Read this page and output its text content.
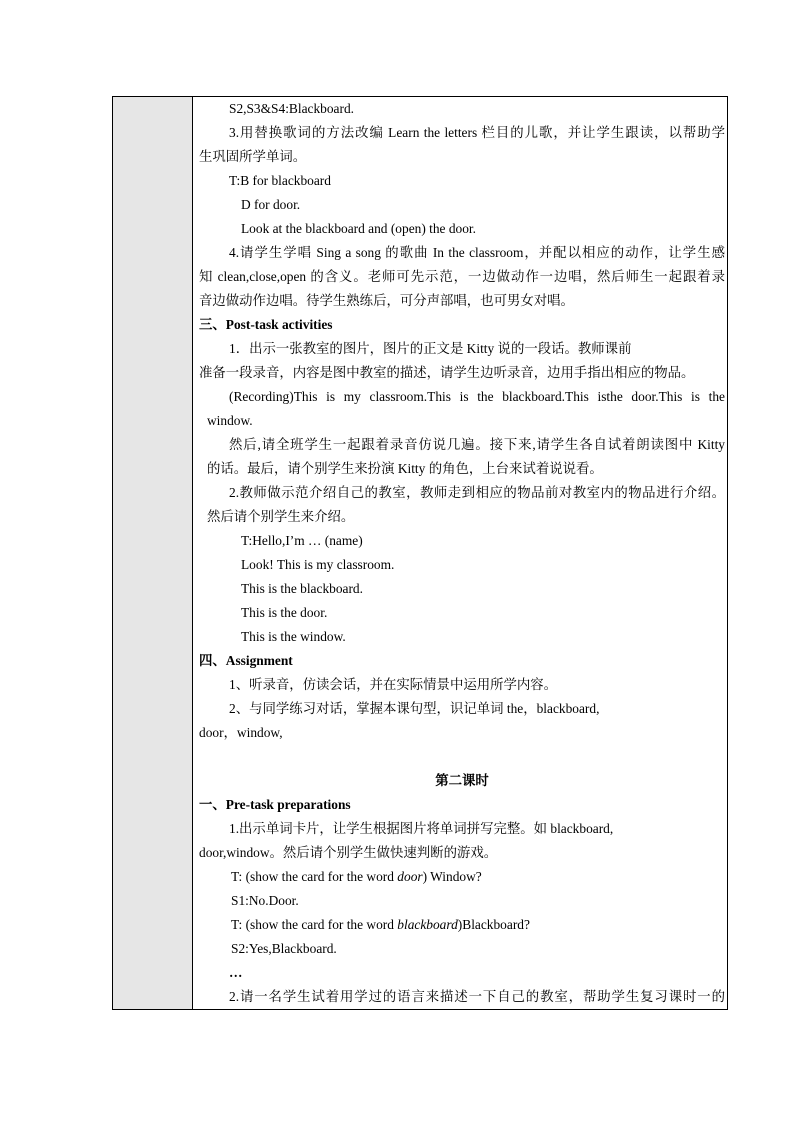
S2,S3&S4:Blackboard.
3.用替换歌词的方法改编 Learn the letters 栏目的儿歌，并让学生跟读，以帮助学
生巩固所学单词。
T:B for blackboard
D for door.
Look at the blackboard and (open) the door.
4.请学生学唱 Sing a song 的歌曲 In the classroom，并配以相应的动作，让学生感
知 clean,close,open 的含义。老师可先示范，一边做动作一边唱，然后师生一起跟着录
音边做动作边唱。待学生熟练后，可分声部唱，也可男女对唱。
三、Post-task activities
1．出示一张教室的图片，图片的正文是 Kitty 说的一段话。教师课前
准备一段录音，内容是图中教室的描述，请学生边听录音，边用手指出相应的物品。
(Recording)This is my classroom.This is the blackboard.This isthe door.This is the
window.
然后,请全班学生一起跟着录音仿说几遍。接下来,请学生各自试着朗读图中 Kitty
的话。最后，请个别学生来扮演 Kitty 的角色，上台来试着说说看。
2.教师做示范介绍自己的教室，教师走到相应的物品前对教室内的物品进行介绍。
然后请个别学生来介绍。
T:Hello,I’m … (name)
Look! This is my classroom.
This is the blackboard.
This is the door.
This is the window.
四、Assignment
1、听录音，仿读会话，并在实际情景中运用所学内容。
2、与同学练习对话，掌握本课句型，识记单词 the，blackboard,
door，window,
第二课时
一、Pre-task preparations
1.出示单词卡片，让学生根据图片将单词拼写完整。如 blackboard,
door,window。然后请个别学生做快速判断的游戏。
T: (show the card for the word door) Window?
S1:No.Door.
T: (show the card for the word blackboard)Blackboard?
S2:Yes,Blackboard.
…
2.请一名学生试着用学过的语言来描述一下自己的教室，帮助学生复习课时一的
